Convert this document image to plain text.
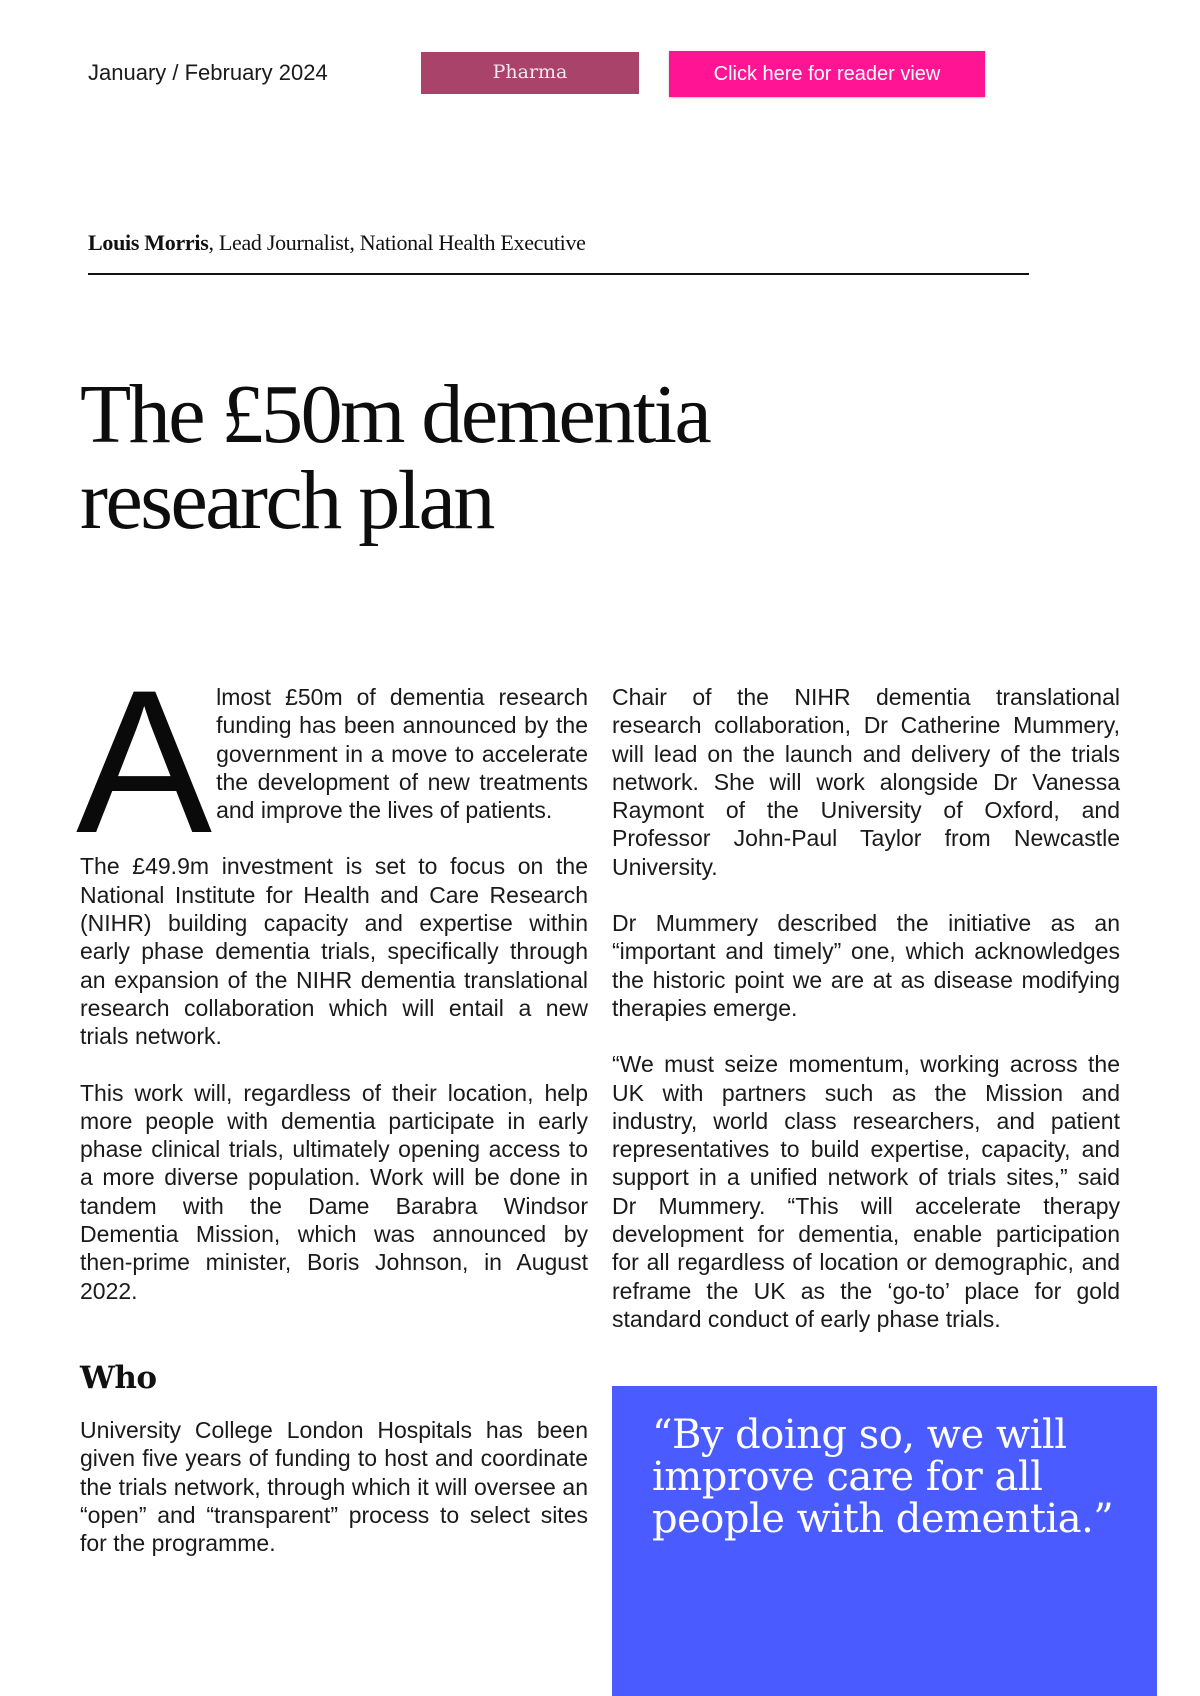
January / February 2024	Pharma	Click here for reader view
Louis Morris, Lead Journalist, National Health Executive
The £50m dementia
research plan

Almost £50m of dementia research funding has been announced by the government in a move to accelerate the development of new treatments and improve the lives of patients.

The £49.9m investment is set to focus on the National Institute for Health and Care Research (NIHR) building capacity and expertise within early phase dementia trials, specifically through an expansion of the NIHR dementia translational research collaboration which will entail a new trials network.

This work will, regardless of their location, help more people with dementia participate in early phase clinical trials, ultimately opening access to a more diverse population. Work will be done in tandem with the Dame Barabra Windsor Dementia Mission, which was announced by then-prime minister, Boris Johnson, in August 2022.

Chair of the NIHR dementia translational research collaboration, Dr Catherine Mummery, will lead on the launch and delivery of the trials network. She will work alongside Dr Vanessa Raymont of the University of Oxford, and Professor John-Paul Taylor from Newcastle University.

Dr Mummery described the initiative as an “important and timely” one, which acknowledges the historic point we are at as disease modifying therapies emerge.

“We must seize momentum, working across the UK with partners such as the Mission and industry, world class researchers, and patient representatives to build expertise, capacity, and support in a unified network of trials sites,” said Dr Mummery. “This will accelerate therapy development for dementia, enable participation for all regardless of location or demographic, and reframe the UK as the ‘go-to’ place for gold standard conduct of early phase trials.

Who

University College London Hospitals has been given five years of funding to host and coordinate the trials network, through which it will oversee an “open” and “transparent” process to select sites for the programme.

“By doing so, we will improve care for all people with dementia.”
